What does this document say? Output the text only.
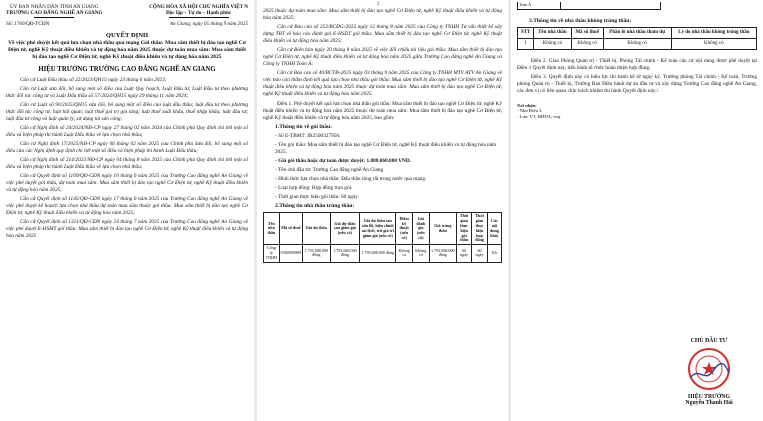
ỦY BAN NHÂN DÂN TỈNH AN GIANG
TRƯỜNG CAO ĐẲNG NGHỀ AN GIANG
CỘNG HÒA XÃ HỘI CHỦ NGHĨA VIỆT N
Độc lập – Tự do – Hạnh phúc
Số: 1760/QĐ-TCĐN	An Giang, ngày 05 tháng 9 năm 2025
QUYẾT ĐỊNH
Về việc phê duyệt kết quả lựa chọn nhà thầu qua mạng Gói thầu: Mua sắm thiết bị đào tạo nghề Cơ Điện tử, nghề Kỹ thuật điều khiển và tự động hóa năm 2025 thuộc dự toán mua sắm: Mua sắm thiết bị đào tạo nghề Cơ Điện tử, nghề Kỹ thuật điều khiển và tự động hóa năm 2025
HIỆU TRƯỞNG TRƯỜNG CAO ĐẲNG NGHỀ AN GIANG

Căn cứ Luật Đấu thầu số 22/2023/QH15 ngày 23 tháng 6 năm 2023;

Căn cứ Luật sửa đổi, bổ sung một số điều của Luật Quy hoạch, Luật Đầu tư, Luật Đầu tư theo phương thức đối tác công tư và Luật Đấu thầu số 57/2024/QH15 ngày 29 tháng 11 năm 2024;

Căn cứ Luật số 90/2025/QH15 sửa đổi, bổ sung một số điều của luật đấu thầu; luật đầu tư theo phương thức đối tác công tư; luật hải quan; luật thuế giá trị gia tăng; luật thuế xuất khẩu, thuế nhập khẩu; luật đầu tư; luật đầu tư công và luật quản lý, sử dụng tài sản công;

Căn cứ Nghị định số 24/2024/NĐ-CP ngày 27 tháng 02 năm 2024 của Chính phủ Quy định chi tiết một số điều và biện pháp thi hành Luật Đấu thầu về lựa chọn nhà thầu;

Căn cứ Nghị định 17/2025/NĐ-CP ngày 06 tháng 02 năm 2025 của Chính phủ Sửa đổi, bổ sung một số điều của các Nghị định quy định chi tiết một số điều và biện pháp thi hành Luật Đấu thầu;

Căn cứ Nghị định số 214/2025/NĐ-CP ngày 04 tháng 8 năm 2025 của Chính phủ Quy định chi tiết một số điều và biện pháp thi hành Luật Đấu thầu về lựa chọn nhà thầu;

Căn cứ Quyết định số 1109/QĐ-CĐN ngày 10 tháng 6 năm 2025 của Trường Cao đẳng nghề An Giang về việc phê duyệt gói thầu, dự toán mua sắm: Mua sắm thiết bị đào tạo nghề Cơ Điện tử, nghề Kỹ thuật điều khiển và tự động hóa năm 2025;

Căn cứ Quyết định số 1145/QĐ-CĐN ngày 17 tháng 6 năm 2025 của Trường Cao đẳng nghề An Giang về việc phê duyệt kế hoạch lựa chọn nhà thầu dự toán mua sắm thuộc gói thầu: Mua sắm thiết bị đào tạo nghề Cơ Điện tử, nghề Kỹ thuật điều khiển và tự động hóa năm 2025;

Căn cứ Quyết định số 1311/QĐ-CĐN ngày 24 tháng 7 năm 2025 của Trường Cao đẳng nghề An Giang về việc phê duyệt E-HSMT gói thầu: Mua sắm thiết bị đào tạo nghề Cơ Điện tử, nghề Kỹ thuật điều khiển và tự động hóa năm 2025

2

2025 thuộc dự toán mua sắm: Mua sắm thiết bị đào tạo nghề Cơ Điện tử, nghề Kỹ thuật điều khiển và tự động hóa năm 2025;

Căn cứ Báo cáo số 252/BCĐG-2025 ngày 12 tháng 8 năm 2025 của Công ty TNHH Tư vấn thiết kế xây dựng TBT về báo cáo đánh giá E-HSDT gói thầu: Mua sắm thiết bị đào tạo nghề Cơ Điện tử, nghề Kỹ thuật điều khiển và tự động hóa năm 2025;

Căn cứ Biên bản ngày 20 tháng 8 năm 2025 về việc đối chiếu tài liệu gói thầu: Mua sắm thiết bị đào tạo nghề Cơ Điện tử, nghề Kỹ thuật điều khiển và tự động hóa năm 2025 giữa Trường Cao đẳng nghề An Giang và Công ty TNHH Toàn Á;

Căn cứ Báo cáo số 40/BCTĐ-2025 ngày 03 tháng 9 năm 2025 của Công ty TNHH MTV ATV An Giang về việc báo cáo thẩm định kết quả lựa chọn nhà thầu gói thầu: Mua sắm thiết bị đào tạo nghề Cơ Điện tử, nghề Kỹ thuật điều khiển và tự động hóa năm 2025 thuộc dự toán mua sắm: Mua sắm thiết bị đào tạo nghề Cơ Điện tử, nghề Kỹ thuật điều khiển và tự động hóa năm 2025.

Điều 1. Phê duyệt kết quả lựa chọn nhà thầu gói thầu: Mua sắm thiết bị đào tạo nghề Cơ Điện tử, nghề Kỹ thuật điều khiển và tự động hóa năm 2025 thuộc dự toán mua sắm: Mua sắm thiết bị đào tạo nghề Cơ Điện tử, nghề Kỹ thuật điều khiển và tự động hóa năm 2025, bao gồm:

1.Thông tin về gói thầu:
- Số E-TBMT: IB2500327958.
- Tên gói thầu: Mua sắm thiết bị đào tạo nghề Cơ Điện tử, nghề Kỹ thuật điều khiển và tự động hóa năm 2025.
- Giá gói thầu hoặc dự toán được duyệt: 1.888.068.000 VND.
- Tên chủ đầu tư: Trường Cao đẳng nghề An Giang
- Hình thức lựa chọn nhà thầu: Đấu thầu rộng rãi trong nước qua mạng.
- Loại hợp đồng: Hợp đồng trọn gói.
- Thời gian thực hiện gói thầu: 60 ngày.
2.Thông tin nhà thầu trúng thầu:
Tên nhà thầu	Mã số thuế	Giá dự thầu	Giá dự thầu sau giảm giá (nếu có)	Giá dự thầu sau sửa lỗi, hiệu chỉnh sai lệch, trừ giá trị giảm giá (nếu có)	Điểm kỹ thuật (nếu có)	Giá đánh giá (nếu có)	Giá trúng thầu	Thời gian thực hiện gói thầu	Thời gian thực hiện hợp đồng	Các nội dung khác
Công ty TNHH	0300000989	1.795.688.000 đồng	1.793.688.000 đồng	1.793.688.000 đồng	Không có	Không có	1.793.688.000 đồng	60 ngày	60 ngày	Kh
Toàn Á	
3.Thông tin về nhà thầu không trúng thầu:
STT	Tên nhà thầu	Mã số thuế	Phần lô nhà thầu tham dự	Lý do nhà thầu không trúng thầu
1	Không có	Không có	Không có	Không có

Điều 2. Giao Phòng Quản trị - Thiết bị, Phòng Tài chính - Kế toán căn cứ nội dung được phê duyệt tại Điều 1 Quyết định này, tiến hành tổ chức hoàn thiện hợp đồng.

Điều 3. Quyết định này có hiệu lực thi hành kể từ ngày ký. Trưởng phòng Tài chính - Kế toán, Trưởng phòng Quản trị - Thiết bị, Trưởng Ban Điều hành dự án đầu tư và xây dựng Trường Cao đẳng nghề An Giang, các đơn vị có liên quan chịu trách nhiệm thi hành Quyết định này./.

Nơi nhận:
- Như Điều 3.
- Lưu: VT, ĐHDA, vnq.
CHỦ ĐẦU TƯ
HIỆU TRƯỞNG
Nguyễn Thanh Hải
